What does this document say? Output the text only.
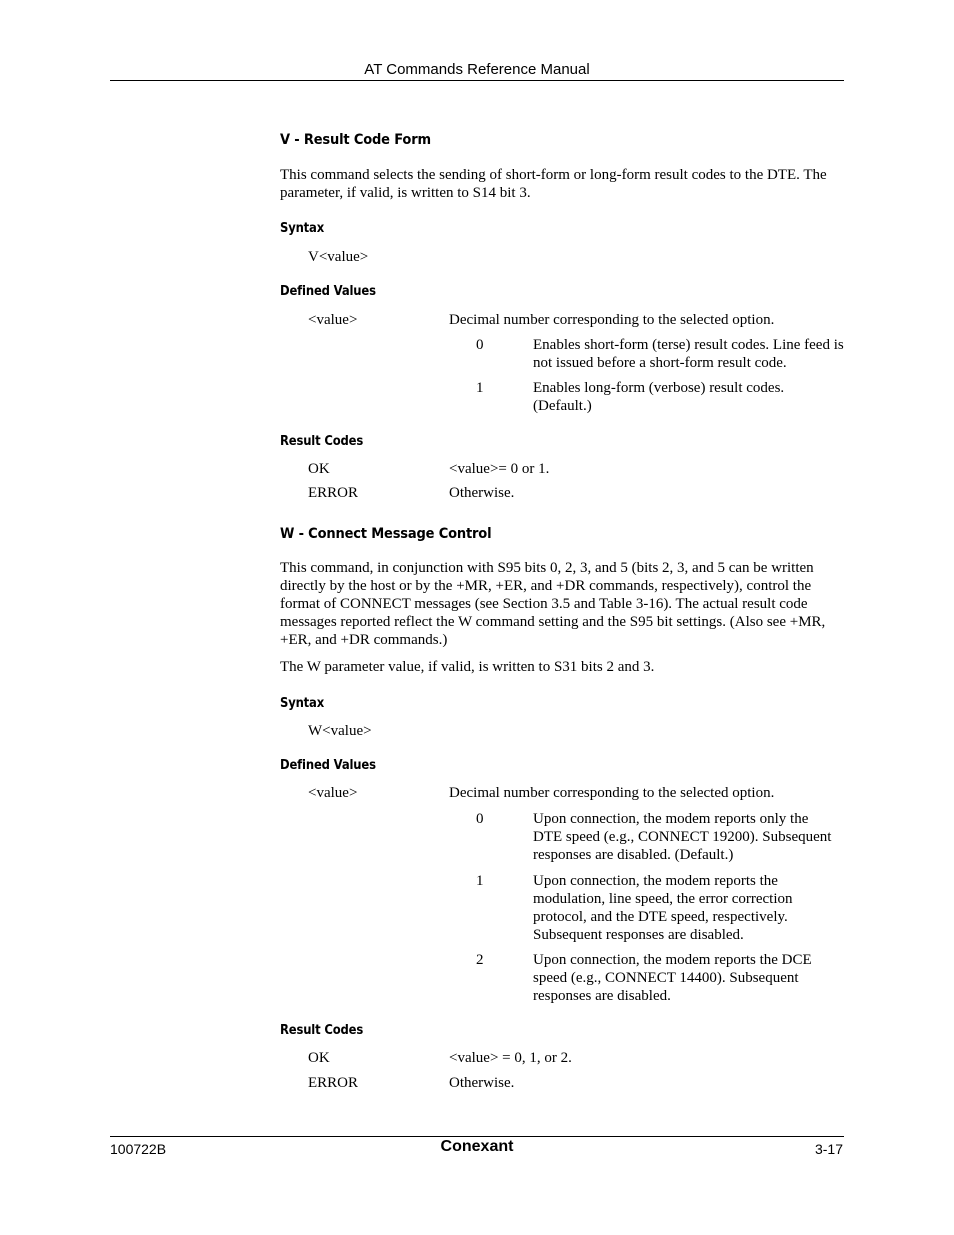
AT Commands Reference Manual
V - Result Code Form
This command selects the sending of short-form or long-form result codes to the DTE. The parameter, if valid, is written to S14 bit 3.
Syntax
V<value>
Defined Values
<value>	Decimal number corresponding to the selected option.
0	Enables short-form (terse) result codes. Line feed is not issued before a short-form result code.
1	Enables long-form (verbose) result codes. (Default.)
Result Codes
OK	<value>= 0 or 1.
ERROR	Otherwise.
W - Connect Message Control
This command, in conjunction with S95 bits 0, 2, 3, and 5 (bits 2, 3, and 5 can be written directly by the host or by the +MR, +ER, and +DR commands, respectively), control the format of CONNECT messages (see Section 3.5 and Table 3-16). The actual result code messages reported reflect the W command setting and the S95 bit settings. (Also see +MR, +ER, and +DR commands.)
The W parameter value, if valid, is written to S31 bits 2 and 3.
Syntax
W<value>
Defined Values
<value>	Decimal number corresponding to the selected option.
0	Upon connection, the modem reports only the DTE speed (e.g., CONNECT 19200). Subsequent responses are disabled. (Default.)
1	Upon connection, the modem reports the modulation, line speed, the error correction protocol, and the DTE speed, respectively. Subsequent responses are disabled.
2	Upon connection, the modem reports the DCE speed (e.g., CONNECT 14400). Subsequent responses are disabled.
Result Codes
OK	<value> = 0, 1, or 2.
ERROR	Otherwise.
100722B	Conexant	3-17
